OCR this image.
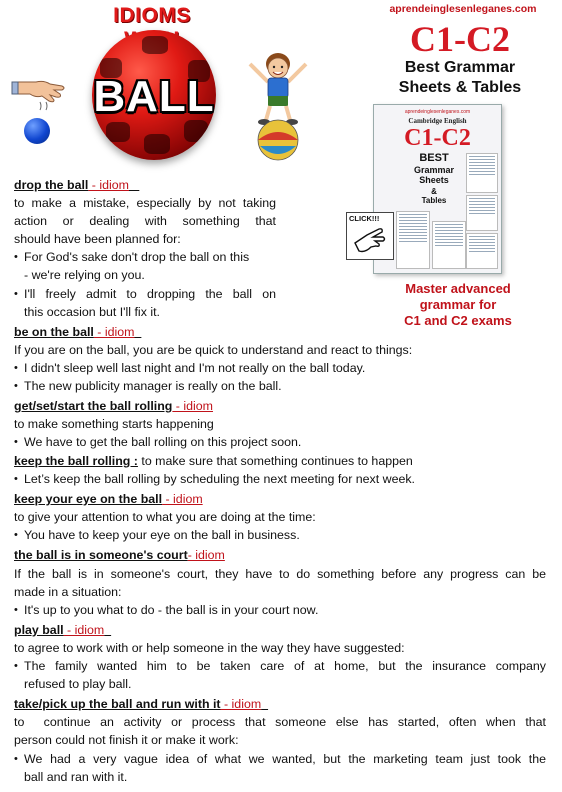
IDIOMS
BALL
aprendeinglesenleganes.com
C1-C2
Best Grammar
Sheets & Tables
aprendeinglesenleganes.com
Cambridge English
C1-C2
BEST
Grammar
Sheets
&
Tables
CLICK!!!
Master advanced
grammar for
C1 and C2 exams
drop the ball - idiom
to make a mistake, especially by not taking
action or dealing with something that
should have been planned for:
• For God's sake don't drop the ball on this
- we're relying on you.
• I'll freely admit to dropping the ball on
this occasion but I'll fix it.
be on the ball - idiom
If you are on the ball, you are be quick to understand and react to things:
• I didn't sleep well last night and I'm not really on the ball today.
• The new publicity manager is really on the ball.
get/set/start the ball rolling - idiom
to make something starts happening
• We have to get the ball rolling on this project soon.
keep the ball rolling : to make sure that something continues to happen
• Let’s keep the ball rolling by scheduling the next meeting for next week.
keep your eye on the ball - idiom
to give your attention to what you are doing at the time:
• You have to keep your eye on the ball in business.
the ball is in someone's court- idiom
If the ball is in someone's court, they have to do something before any progress can be
made in a situation:
• It's up to you what to do - the ball is in your court now.
play ball - idiom
to agree to work with or help someone in the way they have suggested:
• The family wanted him to be taken care of at home, but the insurance company
refused to play ball.
take/pick up the ball and run with it - idiom
to  continue an activity or process that someone else has started, often when that
person could not finish it or make it work:
• We had a very vague idea of what we wanted, but the marketing team just took the
ball and ran with it.
